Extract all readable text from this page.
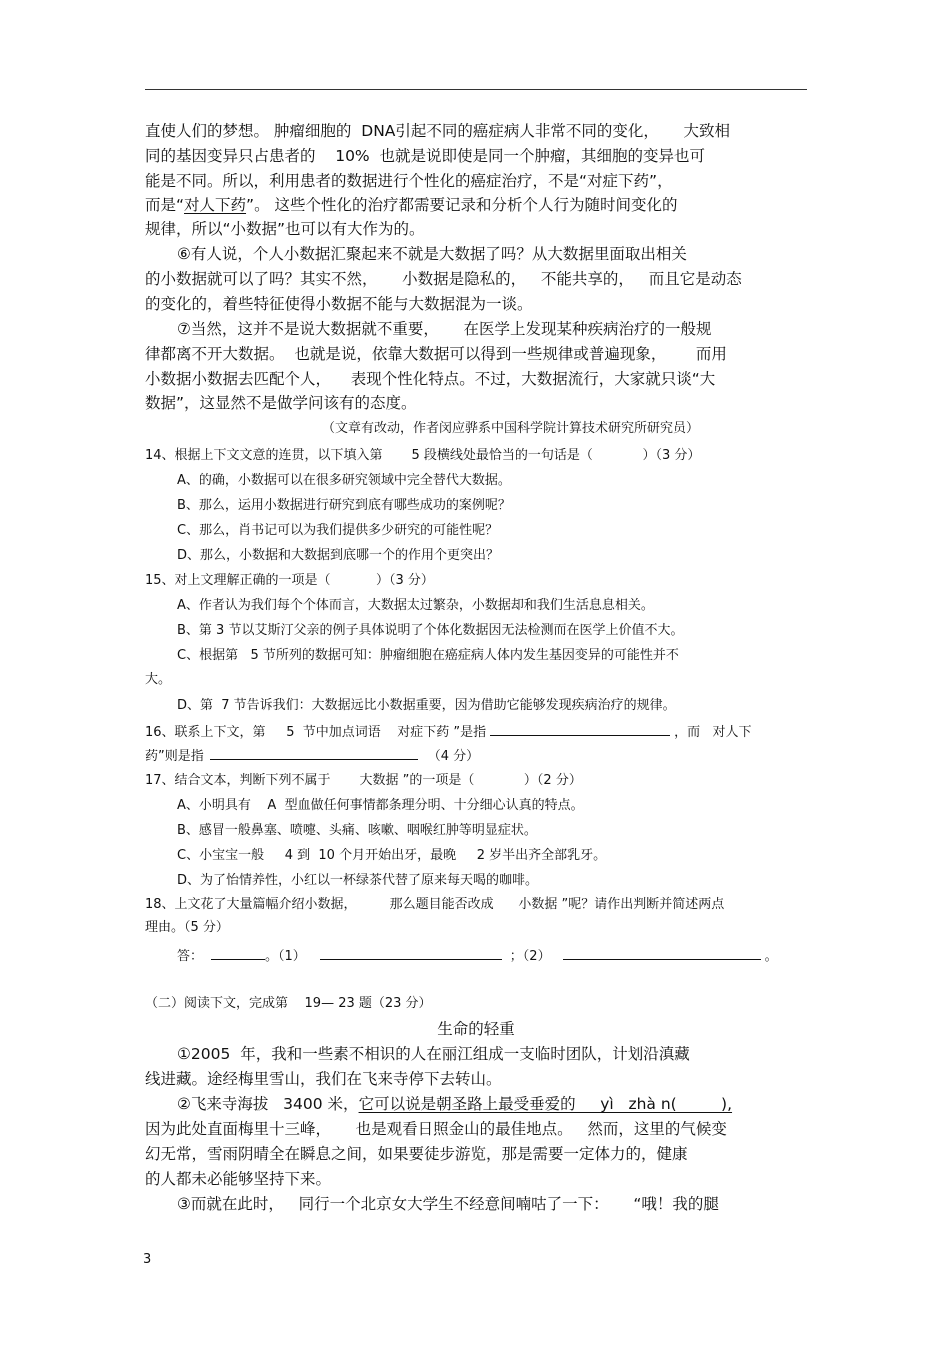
直使人们的梦想。 肿瘤细胞的  DNA引起不同的癌症病人非常不同的变化，     大致相
同的基因变异只占患者的    10%  也就是说即使是同一个肿瘤，其细胞的变异也可
能是不同。所以，利用患者的数据进行个性化的癌症治疗，不是“对症下药”，
而是“对人下药”。 这些个性化的治疗都需要记录和分析个人行为随时间变化的
规律，所以“小数据”也可以有大作为的。
⑥有人说，个人小数据汇聚起来不就是大数据了吗？从大数据里面取出相关
的小数据就可以了吗？其实不然，     小数据是隐私的，   不能共享的，   而且它是动态
的变化的，着些特征使得小数据不能与大数据混为一谈。
⑦当然，这并不是说大数据就不重要，     在医学上发现某种疾病治疗的一般规
律都离不开大数据。  也就是说，依靠大数据可以得到一些规律或普遍现象，      而用
小数据小数据去匹配个人，    表现个性化特点。不过，大数据流行，大家就只谈“大
数据”，这显然不是做学问该有的态度。
（文章有改动，作者闵应骅系中国科学院计算技术研究所研究员）
14、根据上下文文意的连贯，以下填入第       5 段横线处最恰当的一句话是（            ）（3 分）
A、的确，小数据可以在很多研究领域中完全替代大数据。
B、那么，运用小数据进行研究到底有哪些成功的案例呢？
C、那么，肖书记可以为我们提供多少研究的可能性呢？
D、那么，小数据和大数据到底哪一个的作用个更突出？
15、对上文理解正确的一项是（           ）（3 分）
A、作者认为我们每个个体而言，大数据太过繁杂，小数据却和我们生活息息相关。
B、第 3 节以艾斯汀父亲的例子具体说明了个体化数据因无法检测而在医学上价值不大。
C、根据第   5 节所列的数据可知：肿瘤细胞在癌症病人体内发生基因变异的可能性并不
大。
D、第  7 节告诉我们：大数据远比小数据重要，因为借助它能够发现疾病治疗的规律。
16、联系上下文，第     5  节中加点词语    对症下药 ”是指	，而   对人下
药”则是指	（4 分）
17、结合文本，判断下列不属于       大数据 ”的一项是（            ）（2 分）
A、小明具有    A  型血做任何事情都条理分明、十分细心认真的特点。
B、感冒一般鼻塞、喷嚏、头痛、咳嗽、咽喉红肿等明显症状。
C、小宝宝一般     4 到  10 个月开始出牙，最晚     2 岁半出齐全部乳牙。
D、为了怡情养性，小红以一杯绿茶代替了原来每天喝的咖啡。
18、上文花了大量篇幅介绍小数据，        那么题目能否改成      小数据 ”呢？请作出判断并简述两点
理由。（5 分）
答：	。（1）	；（2）	。
（二）阅读下文，完成第    19— 23 题（23 分）
生命的轻重
①2005  年，我和一些素不相识的人在丽江组成一支临时团队，计划沿滇藏
线进藏。途经梅里雪山，我们在飞来寺停下去转山。
②飞来寺海拔   3400 米，它可以说是朝圣路上最受垂爱的     yì   zhà n(         ),
因为此处直面梅里十三峰，     也是观看日照金山的最佳地点。   然而，这里的气候变
幻无常，雪雨阴晴全在瞬息之间，如果要徒步游览，那是需要一定体力的，健康
的人都未必能够坚持下来。
③而就在此时，   同行一个北京女大学生不经意间喃咕了一下：     “哦！我的腿
3
